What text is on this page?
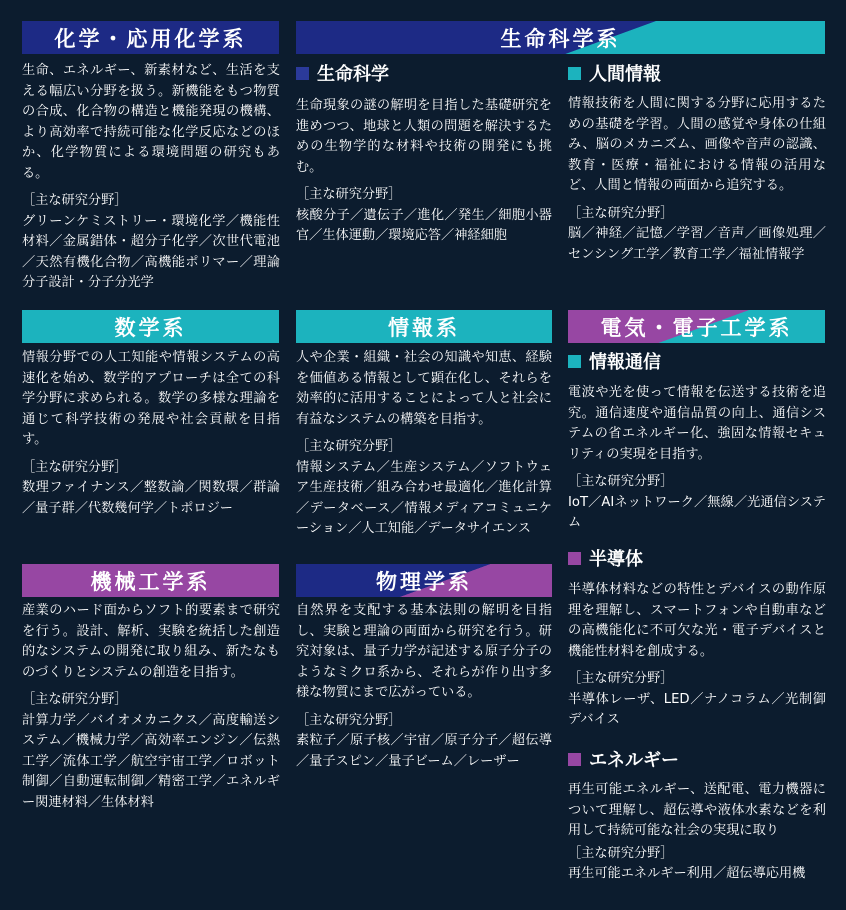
化学・応用化学系
生命、エネルギー、新素材など、生活を支える幅広い分野を扱う。新機能をもつ物質の合成、化合物の構造と機能発現の機構、より高効率で持続可能な化学反応などのほか、化学物質による環境問題の研究もある。
［主な研究分野］
グリーンケミストリー・環境化学／機能性材料／金属錯体・超分子化学／次世代電池／天然有機化合物／高機能ポリマー／理論分子設計・分子分光学
生命科学系
生命科学
生命現象の謎の解明を目指した基礎研究を進めつつ、地球と人類の問題を解決するための生物学的な材料や技術の開発にも挑む。
［主な研究分野］
核酸分子／遺伝子／進化／発生／細胞小器官／生体運動／環境応答／神経細胞
人間情報
情報技術を人間に関する分野に応用するための基礎を学習。人間の感覚や身体の仕組み、脳のメカニズム、画像や音声の認識、教育・医療・福祉における情報の活用など、人間と情報の両面から追究する。
［主な研究分野］
脳／神経／記憶／学習／音声／画像処理／センシング工学／教育工学／福祉情報学
数学系
情報分野での人工知能や情報システムの高速化を始め、数学的アプローチは全ての科学分野に求められる。数学の多様な理論を通じて科学技術の発展や社会貢献を目指す。
［主な研究分野］
数理ファイナンス／整数論／関数環／群論／量子群／代数幾何学／トポロジー
情報系
人や企業・組織・社会の知識や知恵、経験を価値ある情報として顕在化し、それらを効率的に活用することによって人と社会に有益なシステムの構築を目指す。
［主な研究分野］
情報システム／生産システム／ソフトウェア生産技術／組み合わせ最適化／進化計算／データベース／情報メディアコミュニケーション／人工知能／データサイエンス
電気・電子工学系
情報通信
電波や光を使って情報を伝送する技術を追究。通信速度や通信品質の向上、通信システムの省エネルギー化、強固な情報セキュリティの実現を目指す。
［主な研究分野］
IoT／AIネットワーク／無線／光通信システム
半導体
半導体材料などの特性とデバイスの動作原理を理解し、スマートフォンや自動車などの高機能化に不可欠な光・電子デバイスと機能性材料を創成する。
［主な研究分野］
半導体レーザ、LED／ナノコラム／光制御デバイス
エネルギー
再生可能エネルギー、送配電、電力機器について理解し、超伝導や液体水素などを利用して持続可能な社会の実現に取り
［主な研究分野］
再生可能エネルギー利用／超伝導応用機
機械工学系
産業のハード面からソフト的要素まで研究を行う。設計、解析、実験を統括した創造的なシステムの開発に取り組み、新たなものづくりとシステムの創造を目指す。
［主な研究分野］
計算力学／バイオメカニクス／高度輸送システム／機械力学／高効率エンジン／伝熱工学／流体工学／航空宇宙工学／ロボット制御／自動運転制御／精密工学／エネルギー関連材料／生体材料
物理学系
自然界を支配する基本法則の解明を目指し、実験と理論の両面から研究を行う。研究対象は、量子力学が記述する原子分子のようなミクロ系から、それらが作り出す多様な物質にまで広がっている。
［主な研究分野］
素粒子／原子核／宇宙／原子分子／超伝導／量子スピン／量子ビーム／レーザー
